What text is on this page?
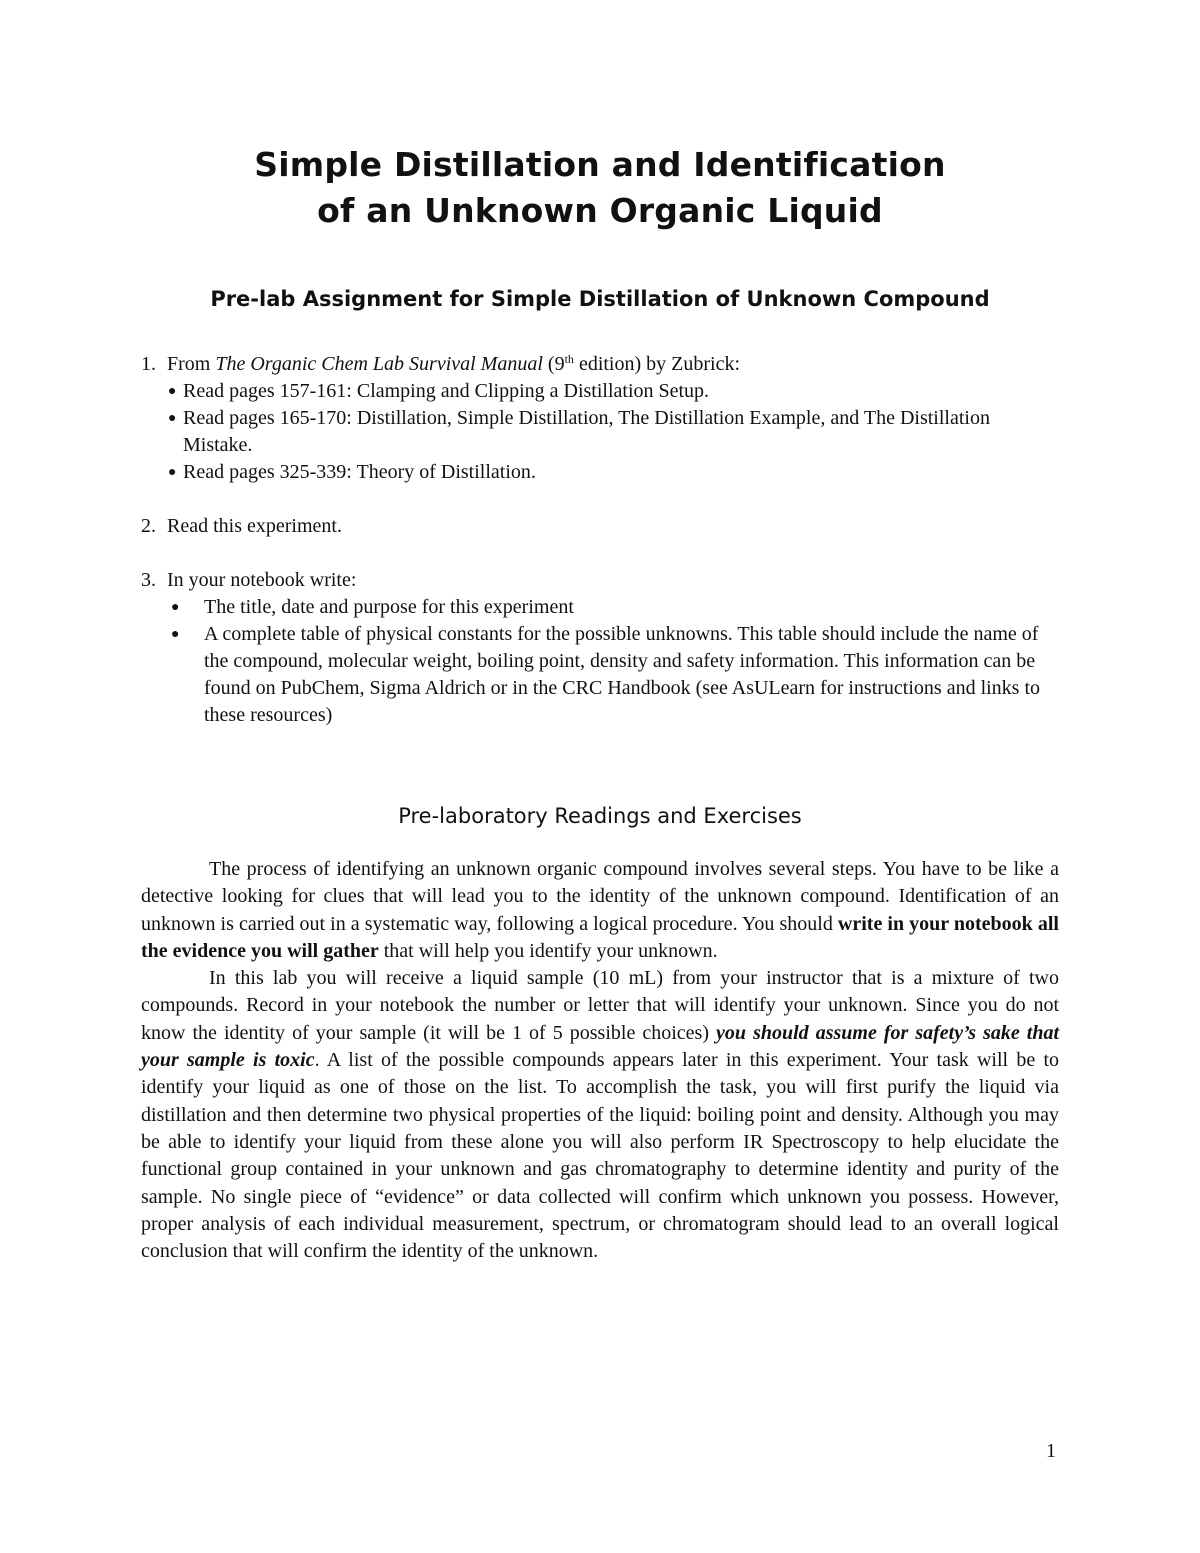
Simple Distillation and Identification
of an Unknown Organic Liquid
Pre-lab Assignment for Simple Distillation of Unknown Compound
1. From The Organic Chem Lab Survival Manual (9th edition) by Zubrick:
● Read pages 157-161: Clamping and Clipping a Distillation Setup.
● Read pages 165-170: Distillation, Simple Distillation, The Distillation Example, and The Distillation Mistake.
● Read pages 325-339: Theory of Distillation.
2. Read this experiment.
3. In your notebook write:
●	The title, date and purpose for this experiment
●	A complete table of physical constants for the possible unknowns. This table should include the name of the compound, molecular weight, boiling point, density and safety information. This information can be found on PubChem, Sigma Aldrich or in the CRC Handbook (see AsULearn for instructions and links to these resources)
Pre-laboratory Readings and Exercises

The process of identifying an unknown organic compound involves several steps. You have to be like a detective looking for clues that will lead you to the identity of the unknown compound. Identification of an unknown is carried out in a systematic way, following a logical procedure. You should write in your notebook all the evidence you will gather that will help you identify your unknown.

In this lab you will receive a liquid sample (10 mL) from your instructor that is a mixture of two compounds. Record in your notebook the number or letter that will identify your unknown. Since you do not know the identity of your sample (it will be 1 of 5 possible choices) you should assume for safety’s sake that your sample is toxic. A list of the possible compounds appears later in this experiment. Your task will be to identify your liquid as one of those on the list. To accomplish the task, you will first purify the liquid via distillation and then determine two physical properties of the liquid: boiling point and density. Although you may be able to identify your liquid from these alone you will also perform IR Spectroscopy to help elucidate the functional group contained in your unknown and gas chromatography to determine identity and purity of the sample. No single piece of “evidence” or data collected will confirm which unknown you possess. However, proper analysis of each individual measurement, spectrum, or chromatogram should lead to an overall logical conclusion that will confirm the identity of the unknown.

1
